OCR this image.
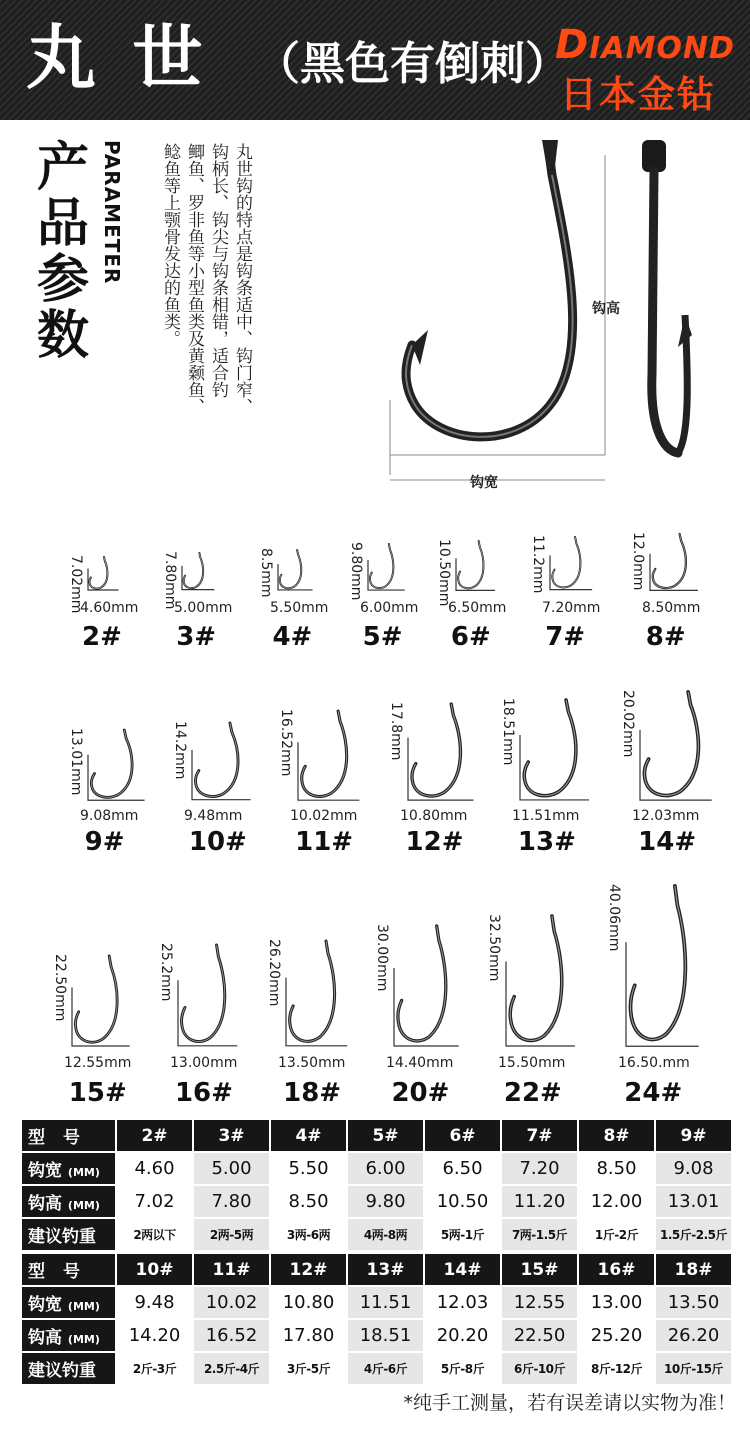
丸 世 （黑色有倒刺）
DIAMOND
日本金钻
产品参数
PARAMETER	丸世钩的特点是钩条适中、钩门窄、
钩柄长、钩尖与钩条相错，适合钓
鲫鱼、罗非鱼等小型鱼类及黄颡鱼、
鲶鱼等上颚骨发达的鱼类。	钩高
钩宽
7.02mm
4.60mm
2#
7.80mm
5.00mm
3#
8.5mm
5.50mm
4#
9.80mm
6.00mm
5#
10.50mm
6.50mm
6#
11.2mm
7.20mm
7#
12.0mm
8.50mm
8#
13.01mm
9.08mm
9#
14.2mm
9.48mm
10#
16.52mm
10.02mm
11#
17.8mm
10.80mm
12#
18.51mm
11.51mm
13#
20.02mm
12.03mm
14#
22.50mm
12.55mm
15#
25.2mm
13.00mm
16#
26.20mm
13.50mm
18#
30.00mm
14.40mm
20#
32.50mm
15.50mm
22#
40.06mm
16.50.mm
24#
型号	2#	3#	4#	5#	6#	7#	8#	9#
钩宽 (MM)	4.60	5.00	5.50	6.00	6.50	7.20	8.50	9.08
钩高 (MM)	7.02	7.80	8.50	9.80	10.50	11.20	12.00	13.01
建议钓重	2两以下	2两-5两	3两-6两	4两-8两	5两-1斤	7两-1.5斤	1斤-2斤	1.5斤-2.5斤
型号	10#	11#	12#	13#	14#	15#	16#	18#
钩宽 (MM)	9.48	10.02	10.80	11.51	12.03	12.55	13.00	13.50
钩高 (MM)	14.20	16.52	17.80	18.51	20.20	22.50	25.20	26.20
建议钓重	2斤-3斤	2.5斤-4斤	3斤-5斤	4斤-6斤	5斤-8斤	6斤-10斤	8斤-12斤	10斤-15斤
*纯手工测量，若有误差请以实物为准！
